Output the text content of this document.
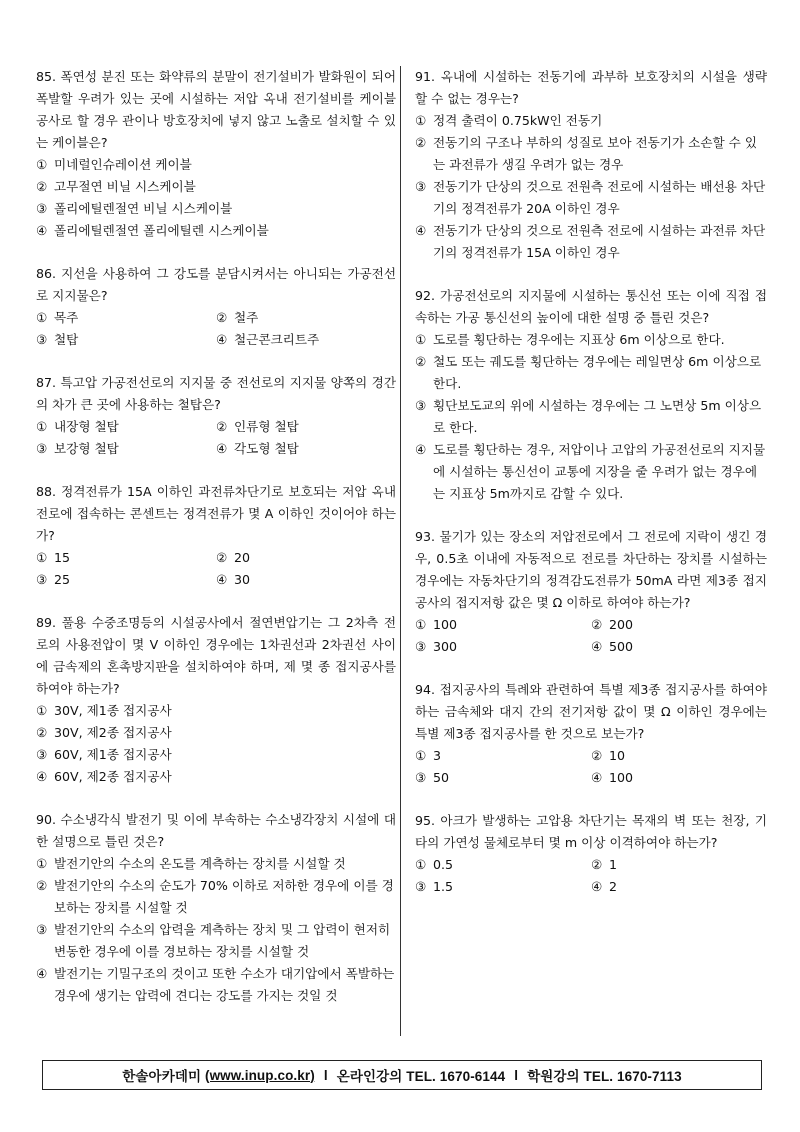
85. 폭연성 분진 또는 화약류의 분말이 전기설비가 발화원이 되어 폭발할 우려가 있는 곳에 시설하는 저압 옥내 전기설비를 케이블 공사로 할 경우 관이나 방호장치에 넣지 않고 노출로 설치할 수 있는 케이블은?
① 미네럴인슈레이션 케이블
② 고무절연 비닐 시스케이블
③ 폴리에틸렌절연 비닐 시스케이블
④ 폴리에틸렌절연 폴리에틸렌 시스케이블
86. 지선을 사용하여 그 강도를 분담시켜서는 아니되는 가공전선로 지지물은?
① 목주	② 철주
③ 철탑	④ 철근콘크리트주
87. 특고압 가공전선로의 지지물 중 전선로의 지지물 양쪽의 경간의 차가 큰 곳에 사용하는 철탑은?
① 내장형 철탑	② 인류형 철탑
③ 보강형 철탑	④ 각도형 철탑
88. 정격전류가 15A 이하인 과전류차단기로 보호되는 저압 옥내전로에 접속하는 콘센트는 정격전류가 몇 A 이하인 것이어야 하는가?
① 15	② 20
③ 25	④ 30
89. 풀용 수중조명등의 시설공사에서 절연변압기는 그 2차측 전로의 사용전압이 몇 V 이하인 경우에는 1차권선과 2차권선 사이에 금속제의 혼촉방지판을 설치하여야 하며, 제 몇 종 접지공사를 하여야 하는가?
① 30V, 제1종 접지공사
② 30V, 제2종 접지공사
③ 60V, 제1종 접지공사
④ 60V, 제2종 접지공사
90. 수소냉각식 발전기 및 이에 부속하는 수소냉각장치 시설에 대한 설명으로 틀린 것은?
① 발전기안의 수소의 온도를 계측하는 장치를 시설할 것
② 발전기안의 수소의 순도가 70% 이하로 저하한 경우에 이를 경보하는 장치를 시설할 것
③ 발전기안의 수소의 압력을 계측하는 장치 및 그 압력이 현저히 변동한 경우에 이를 경보하는 장치를 시설할 것
④ 발전기는 기밀구조의 것이고 또한 수소가 대기압에서 폭발하는 경우에 생기는 압력에 견디는 강도를 가지는 것일 것
91. 옥내에 시설하는 전동기에 과부하 보호장치의 시설을 생략할 수 없는 경우는?
① 정격 출력이 0.75kW인 전동기
② 전동기의 구조나 부하의 성질로 보아 전동기가 소손할 수 있는 과전류가 생길 우려가 없는 경우
③ 전동기가 단상의 것으로 전원측 전로에 시설하는 배선용 차단기의 정격전류가 20A 이하인 경우
④ 전동기가 단상의 것으로 전원측 전로에 시설하는 과전류 차단기의 정격전류가 15A 이하인 경우
92. 가공전선로의 지지물에 시설하는 통신선 또는 이에 직접 접속하는 가공 통신선의 높이에 대한 설명 중 틀린 것은?
① 도로를 횡단하는 경우에는 지표상 6m 이상으로 한다.
② 철도 또는 궤도를 횡단하는 경우에는 레일면상 6m 이상으로 한다.
③ 횡단보도교의 위에 시설하는 경우에는 그 노면상 5m 이상으로 한다.
④ 도로를 횡단하는 경우, 저압이나 고압의 가공전선로의 지지물에 시설하는 통신선이 교통에 지장을 줄 우려가 없는 경우에는 지표상 5m까지로 감할 수 있다.
93. 물기가 있는 장소의 저압전로에서 그 전로에 지락이 생긴 경우, 0.5초 이내에 자동적으로 전로를 차단하는 장치를 시설하는 경우에는 자동차단기의 정격감도전류가 50mA 라면 제3종 접지공사의 접지저항 값은 몇 Ω 이하로 하여야 하는가?
① 100	② 200
③ 300	④ 500
94. 접지공사의 특례와 관련하여 특별 제3종 접지공사를 하여야 하는 금속체와 대지 간의 전기저항 값이 몇 Ω 이하인 경우에는 특별 제3종 접지공사를 한 것으로 보는가?
① 3	② 10
③ 50	④ 100
95. 아크가 발생하는 고압용 차단기는 목재의 벽 또는 천장, 기타의 가연성 물체로부터 몇 m 이상 이격하여야 하는가?
① 0.5	② 1
③ 1.5	④ 2
한솔아카데미
(www.inup.co.kr) l 온라인강의 TEL. 1670-6144 l 학원강의 TEL. 1670-7113
